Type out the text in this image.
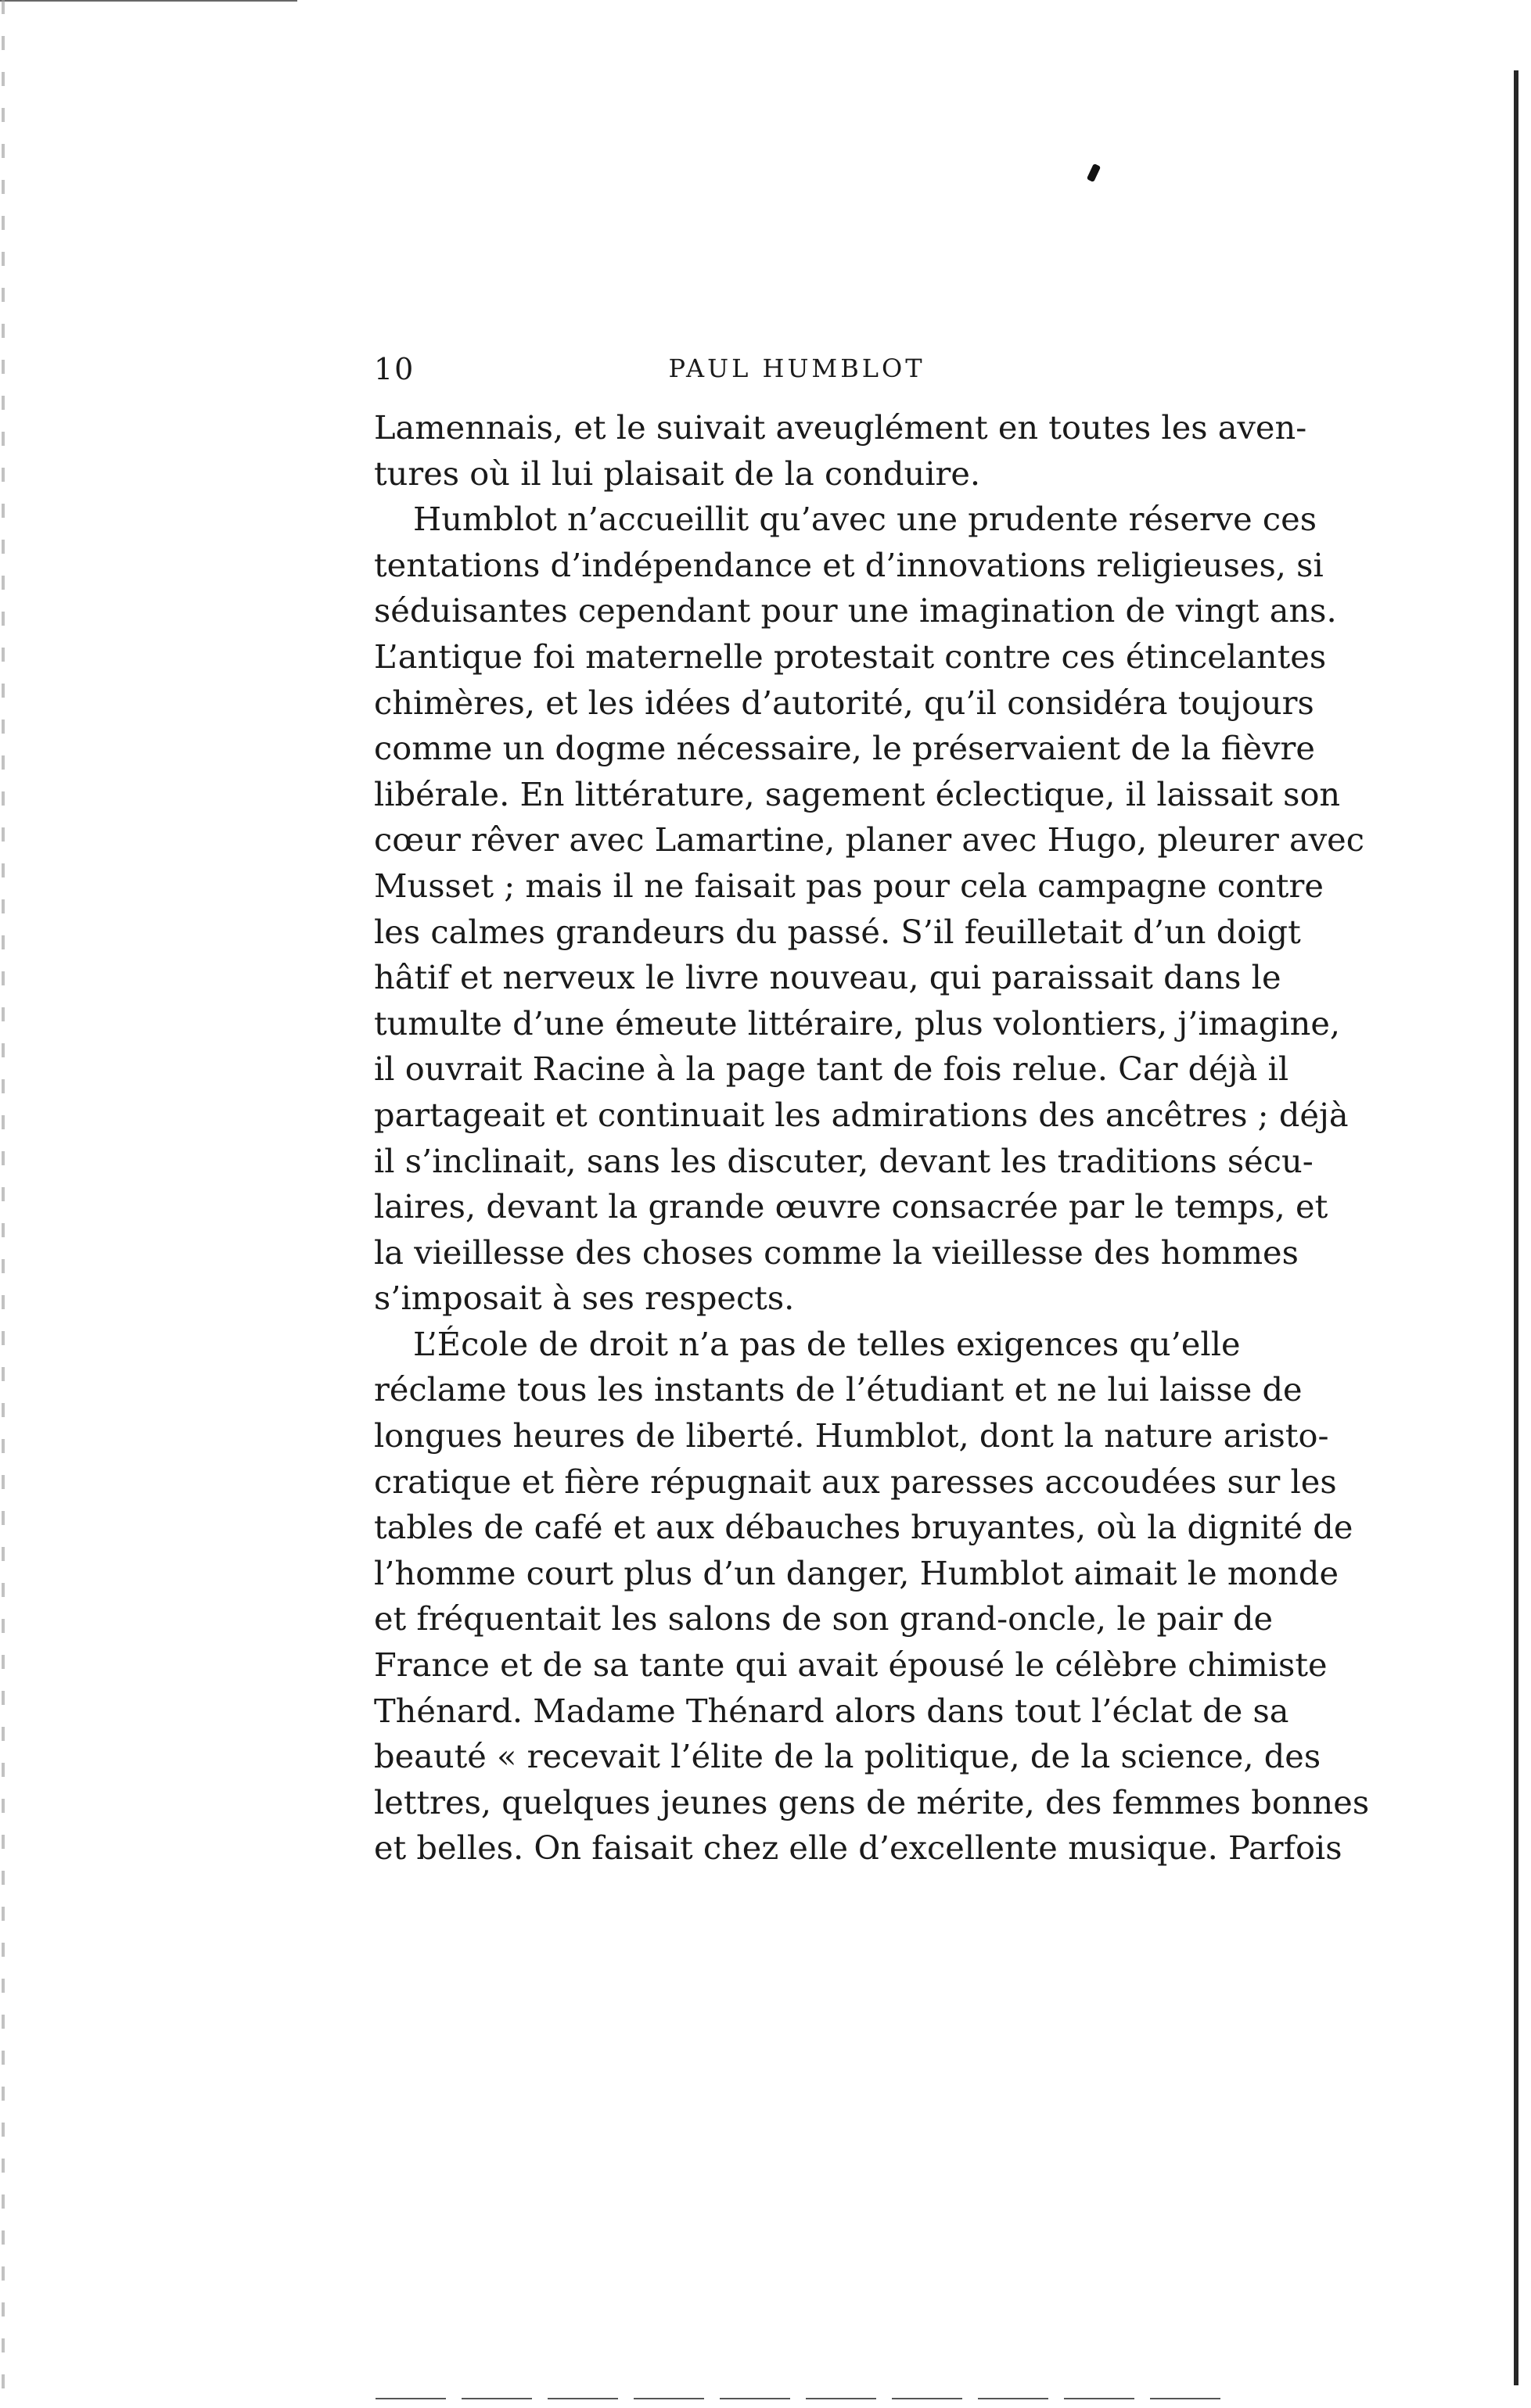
10	PAUL HUMBLOT
Lamennais, et le suivait aveuglément en toutes les aven-
tures où il lui plaisait de la conduire.
Humblot n’accueillit qu’avec une prudente réserve ces
tentations d’indépendance et d’innovations religieuses, si
séduisantes cependant pour une imagination de vingt ans.
L’antique foi maternelle protestait contre ces étincelantes
chimères, et les idées d’autorité, qu’il considéra toujours
comme un dogme nécessaire, le préservaient de la fièvre
libérale. En littérature, sagement éclectique, il laissait son
cœur rêver avec Lamartine, planer avec Hugo, pleurer avec
Musset ; mais il ne faisait pas pour cela campagne contre
les calmes grandeurs du passé. S’il feuilletait d’un doigt
hâtif et nerveux le livre nouveau, qui paraissait dans le
tumulte d’une émeute littéraire, plus volontiers, j’imagine,
il ouvrait Racine à la page tant de fois relue. Car déjà il
partageait et continuait les admirations des ancêtres ; déjà
il s’inclinait, sans les discuter, devant les traditions sécu-
laires, devant la grande œuvre consacrée par le temps, et
la vieillesse des choses comme la vieillesse des hommes
s’imposait à ses respects.
L’École de droit n’a pas de telles exigences qu’elle
réclame tous les instants de l’étudiant et ne lui laisse de
longues heures de liberté. Humblot, dont la nature aristo-
cratique et fière répugnait aux paresses accoudées sur les
tables de café et aux débauches bruyantes, où la dignité de
l’homme court plus d’un danger, Humblot aimait le monde
et fréquentait les salons de son grand-oncle, le pair de
France et de sa tante qui avait épousé le célèbre chimiste
Thénard. Madame Thénard alors dans tout l’éclat de sa
beauté « recevait l’élite de la politique, de la science, des
lettres, quelques jeunes gens de mérite, des femmes bonnes
et belles. On faisait chez elle d’excellente musique. Parfois
